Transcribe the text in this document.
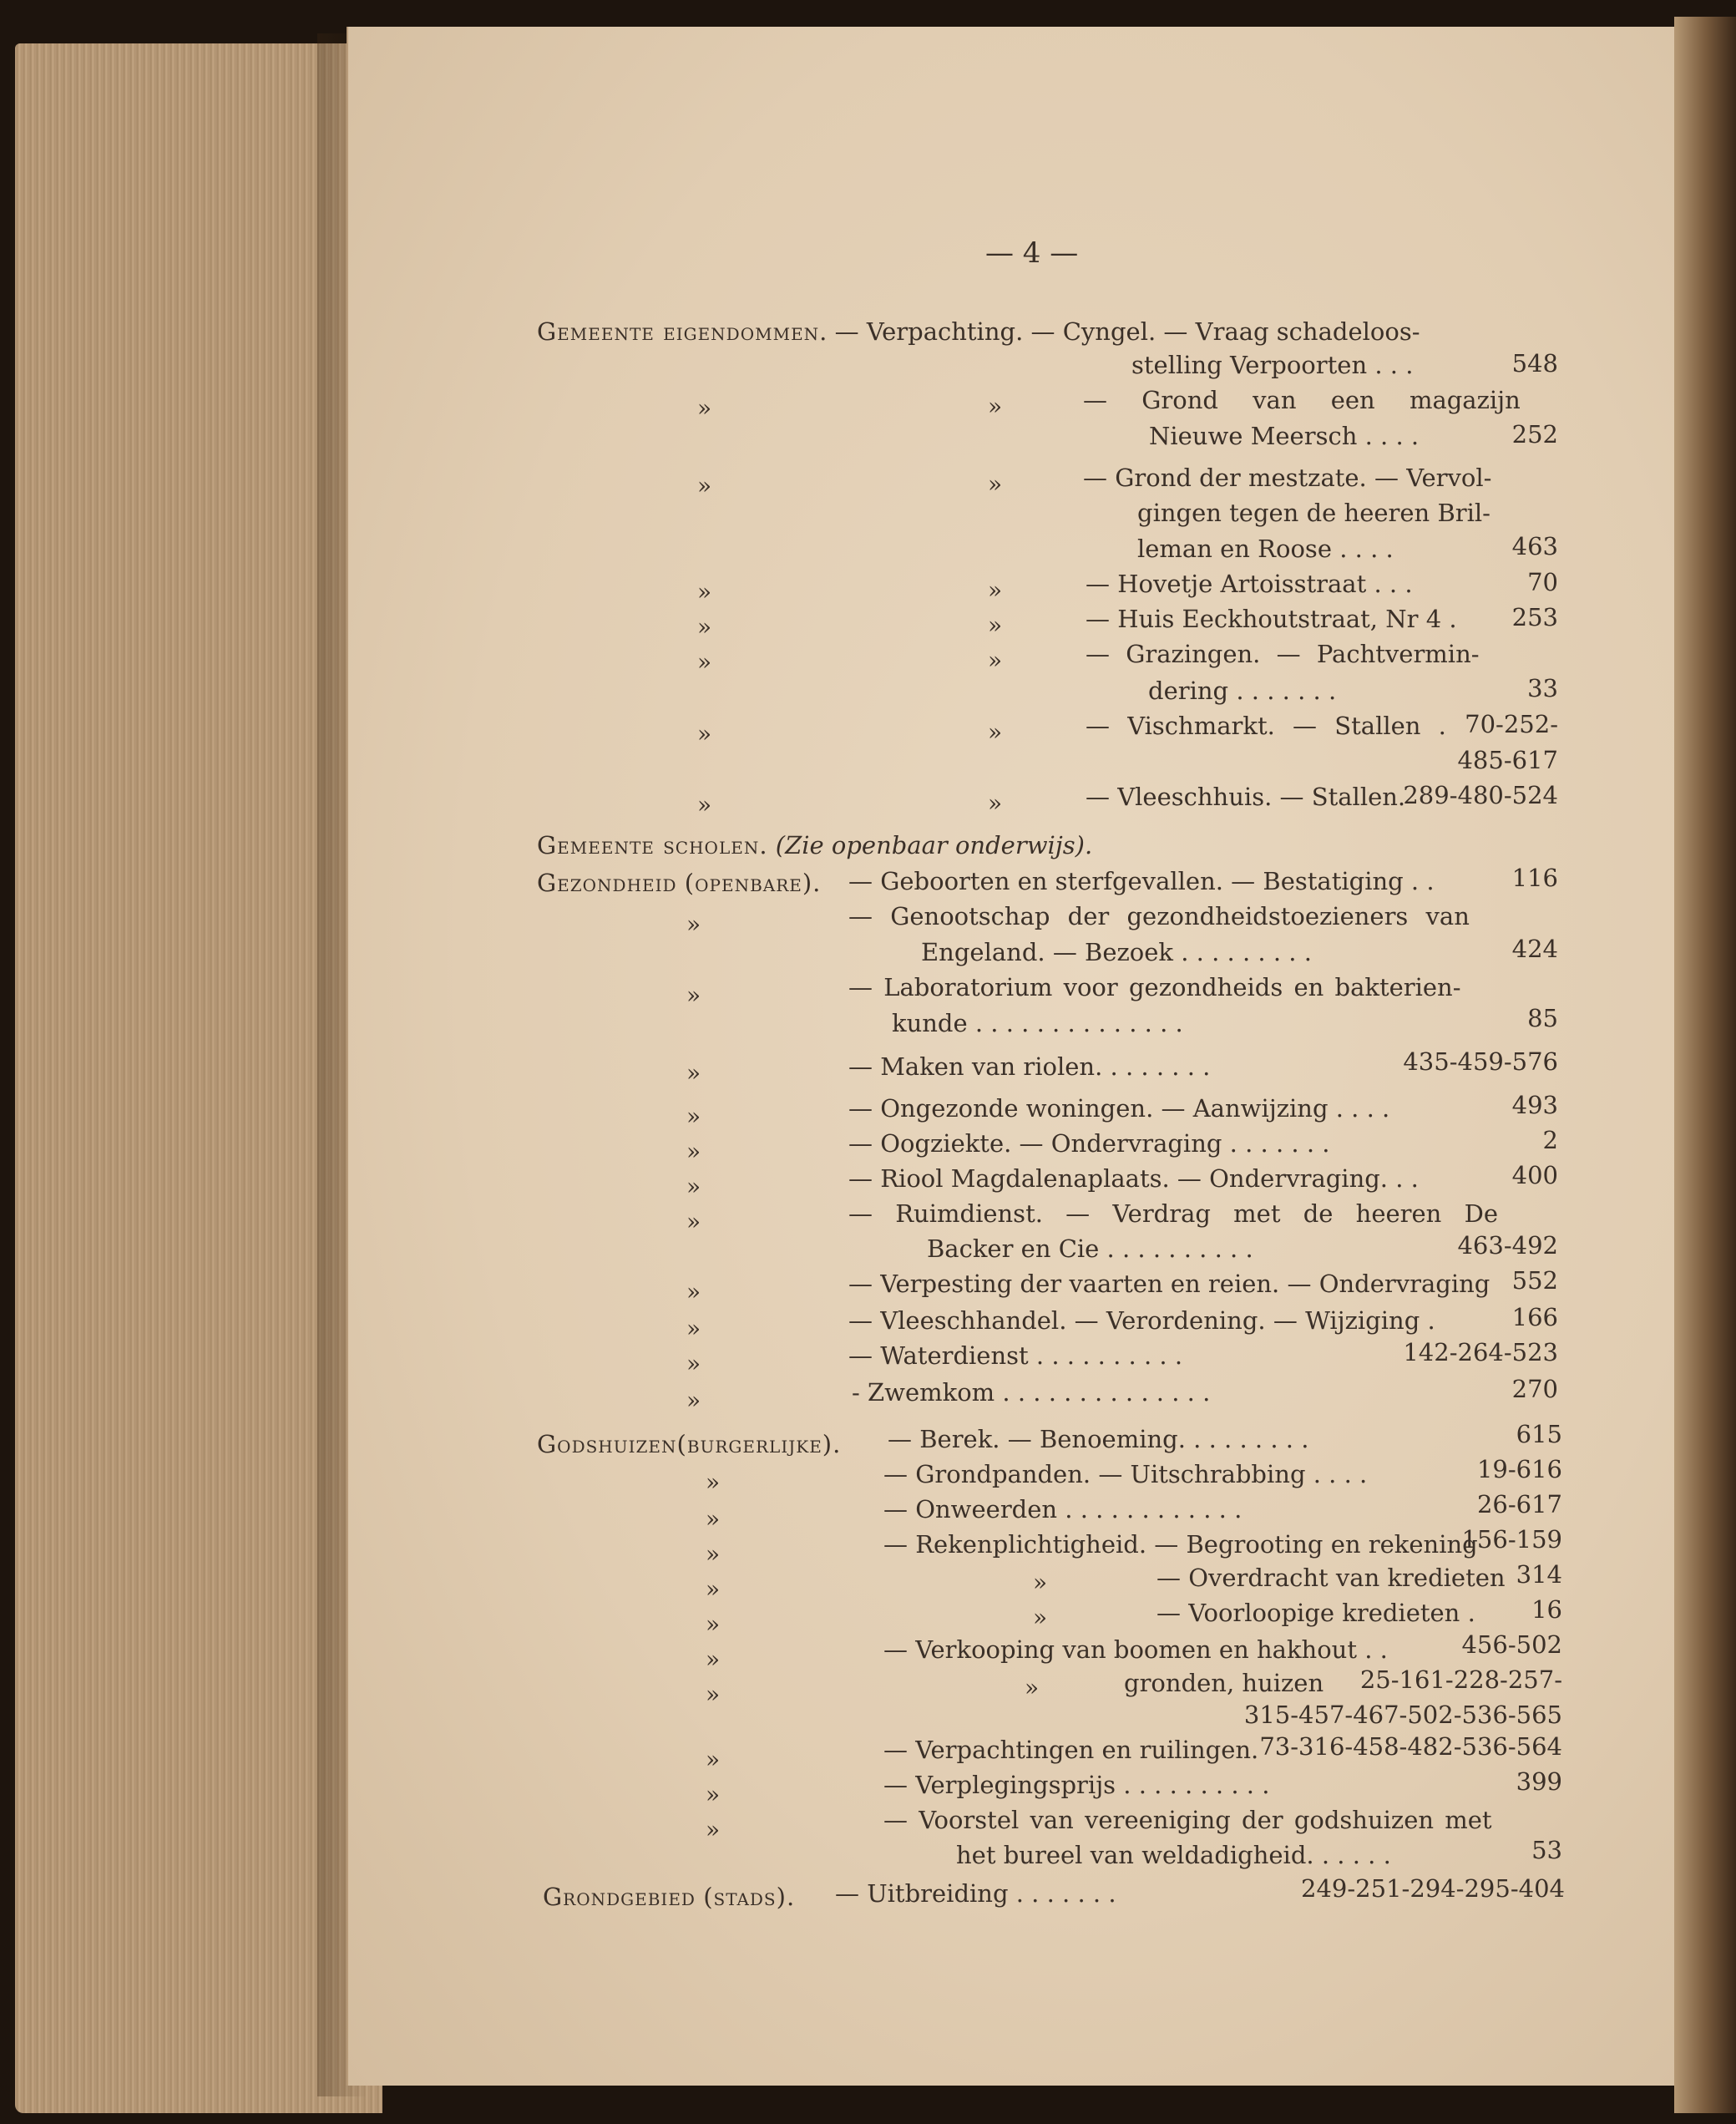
— 4 —
Gemeente eigendommen. — Verpachting. — Cyngel. — Vraag schadeloos-
stelling Verpoorten . . .	548
»	»	— Grond van een magazijn
Nieuwe Meersch . . . .	252
»	»	— Grond der mestzate. — Vervol-
gingen tegen de heeren Bril-
leman en Roose . . . .	463
»	»	— Hovetje Artoisstraat . . .	70
»	»	— Huis Eeckhoutstraat, Nr 4 . 253
»	»	— Grazingen. — Pachtvermin-
dering . . . . . . .	33
»	»	— Vischmarkt. — Stallen . 70-252-
485-617
»	»	— Vleeschhuis. — Stallen.
289-480-524
Gemeente scholen. (Zie openbaar onderwijs).
Gezondheid (openbare). — Geboorten en sterfgevallen. — Bestatiging . .	116
»	— Genootschap der gezondheidstoezieners van
Engeland. — Bezoek . . . . . . . . .	424
»	— Laboratorium voor gezondheids en bakterien-
kunde . . . . . . . . . . . . . .	85
»	— Maken van riolen. . . . . . . .	435-459-576
»	— Ongezonde woningen. — Aanwijzing . . . .	493
»	— Oogziekte. — Ondervraging . . . . . . .	2
»	— Riool Magdalenaplaats. — Ondervraging. . .	400
»	— Ruimdienst. — Verdrag met de heeren De
Backer en Cie . . . . . . . . . .	463-492
»	— Verpesting der vaarten en reien. — Ondervraging 552
»	— Vleeschhandel. — Verordening. — Wijziging .	166
»	— Waterdienst . . . . . . . . . .	142-264-523
»	- Zwemkom . . . . . . . . . . . . . .	270
Godshuizen(burgerlijke). — Berek. — Benoeming. . . . . . . . .	615
»	— Grondpanden. — Uitschrabbing . . . .	19-616
»	— Onweerden . . . . . . . . . . . .	26-617
»	— Rekenplichtigheid. — Begrooting en rekening
156-159
»	»	— Overdracht van kredieten 314
»	»	— Voorloopige kredieten . 16
»	— Verkooping van boomen en hakhout . .	456-502
»	»	gronden, huizen 25-161-228-257-
315-457-467-502-536-565
»	— Verpachtingen en ruilingen. 73-316-458-482-536-564
»	— Verplegingsprijs . . . . . . . . . .	399
»	— Voorstel van vereeniging der godshuizen met
het bureel van weldadigheid. . . . . .	53
Grondgebied (stads). — Uitbreiding . . . . . . .	249-251-294-295-404
